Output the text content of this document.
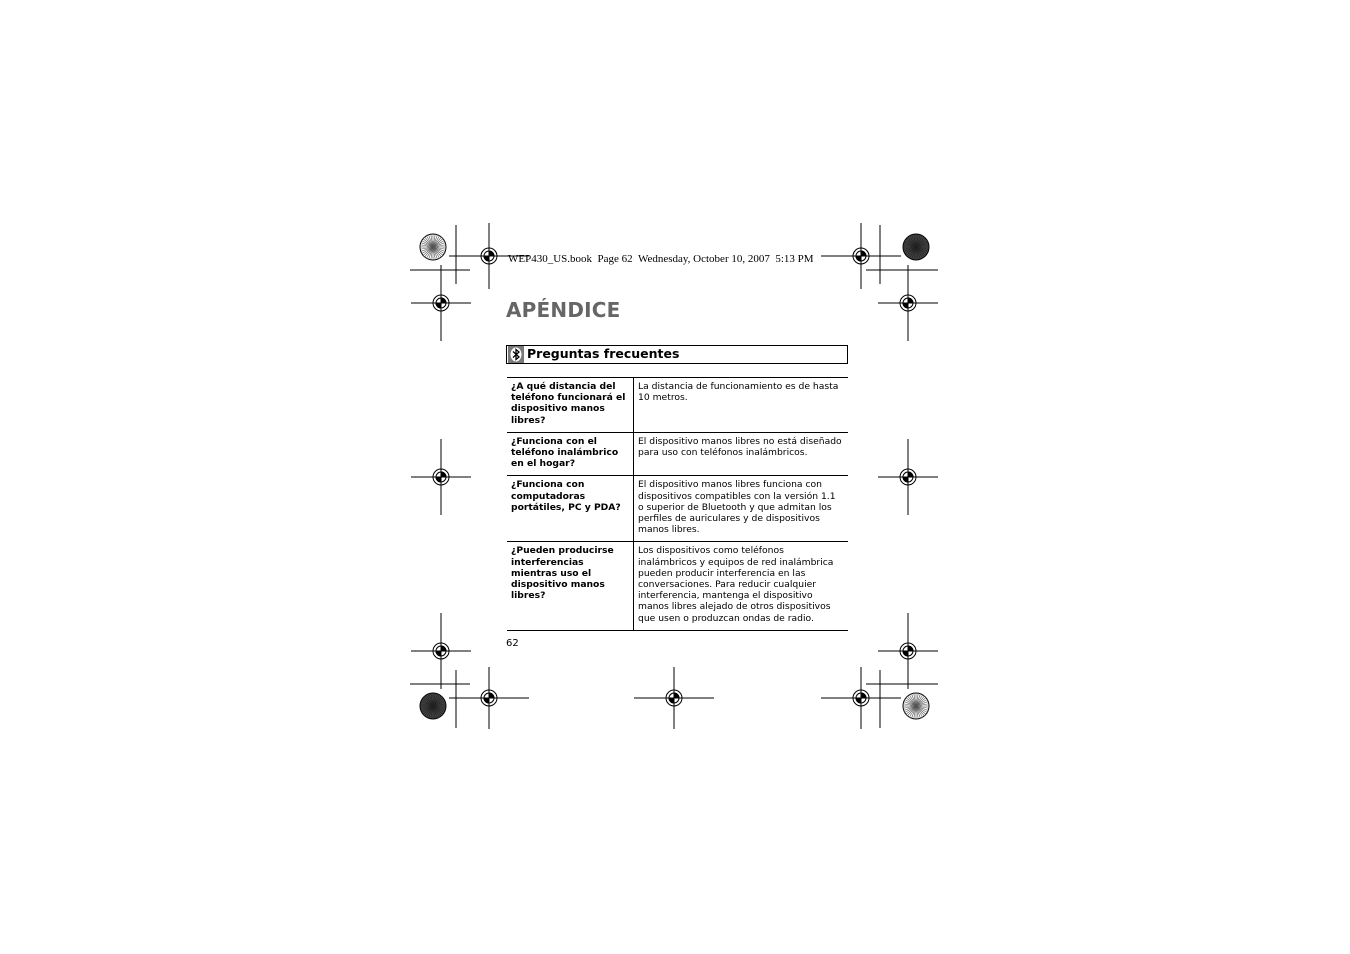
WEP430_US.book  Page 62  Wednesday, October 10, 2007  5:13 PM
APÉNDICE
Preguntas frecuentes
¿A qué distancia del teléfono funcionará el dispositivo manos libres?	La distancia de funcionamiento es de hasta 10 metros.
¿Funciona con el teléfono inalámbrico en el hogar?	El dispositivo manos libres no está diseñado para uso con teléfonos inalámbricos.
¿Funciona con computadoras portátiles, PC y PDA?	El dispositivo manos libres funciona con dispositivos compatibles con la versión 1.1 o superior de Bluetooth y que admitan los perfiles de auriculares y de dispositivos manos libres.
¿Pueden producirse interferencias mientras uso el dispositivo manos libres?	Los dispositivos como teléfonos inalámbricos y equipos de red inalámbrica pueden producir interferencia en las conversaciones. Para reducir cualquier interferencia, mantenga el dispositivo manos libres alejado de otros dispositivos que usen o produzcan ondas de radio.
62
